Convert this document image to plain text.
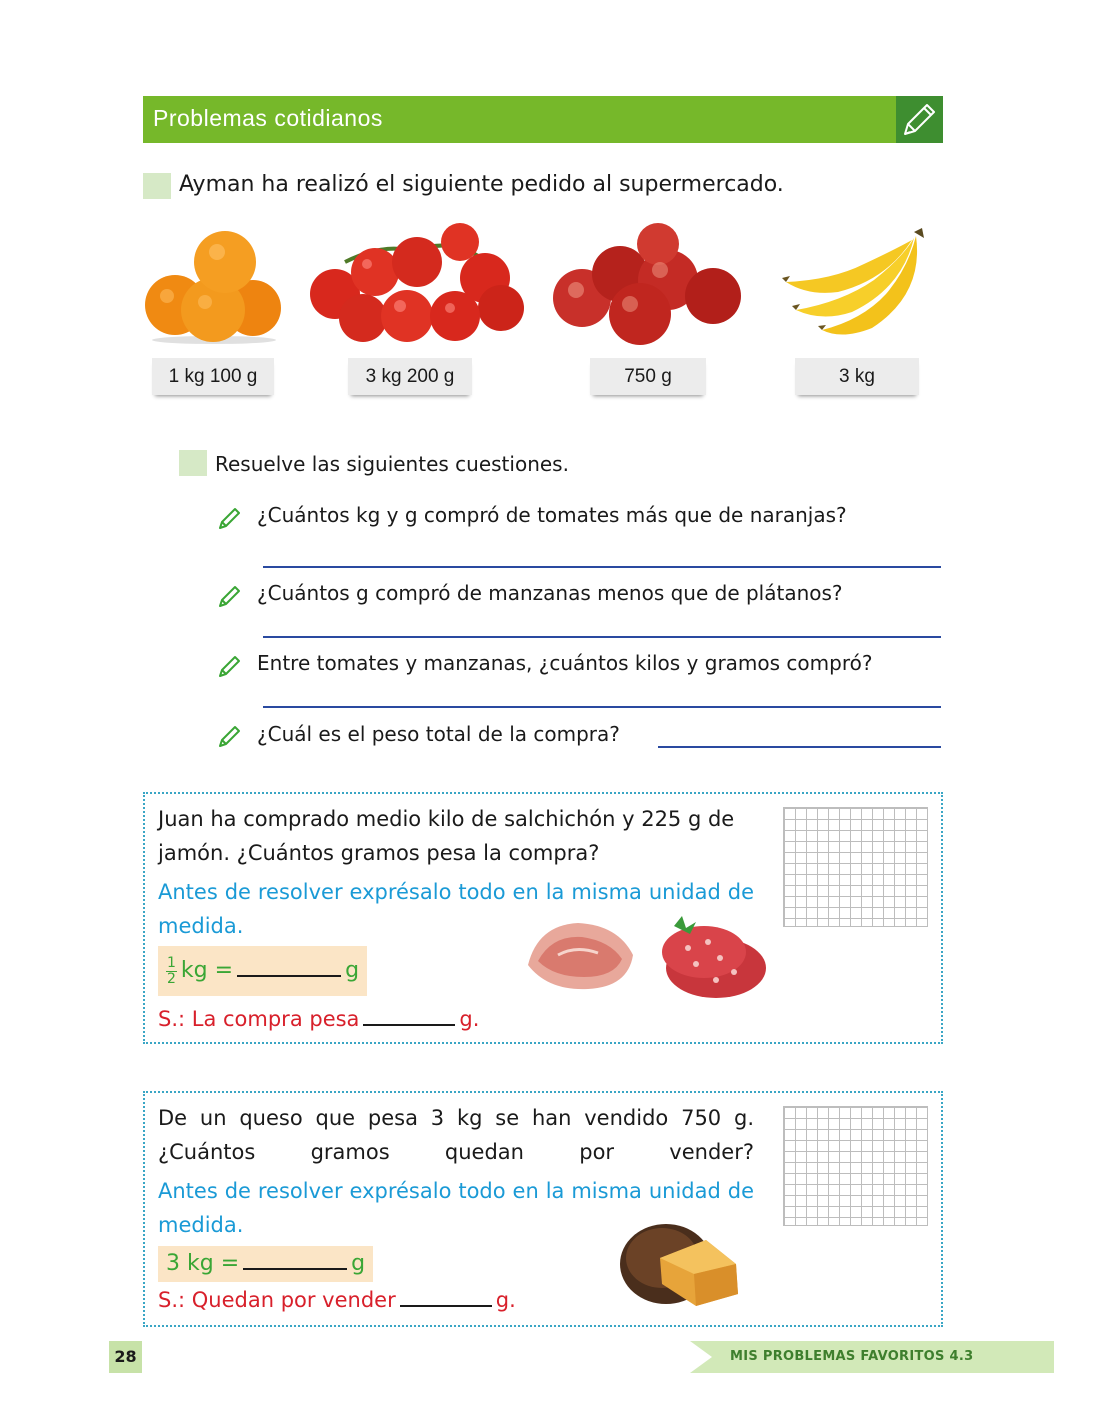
Problemas cotidianos
Ayman ha realizó el siguiente pedido al supermercado.
1 kg 100 g	3 kg 200 g	750 g	3 kg
Resuelve las siguientes cuestiones.
¿Cuántos kg y g compró de tomates más que de naranjas?
¿Cuántos g compró de manzanas menos que de plátanos?
Entre tomates y manzanas, ¿cuántos kilos y gramos compró?
¿Cuál es el peso total de la compra?
Juan ha comprado medio kilo de salchichón y 225 g de jamón. ¿Cuántos gramos pesa la compra?
Antes de resolver exprésalo todo en la misma unidad de medida.
$\frac{1}{2}$ kg =	g
S.: La compra pesa	g.
De un queso que pesa 3 kg se han vendido 750 g. ¿Cuántos gramos quedan por vender?
Antes de resolver exprésalo todo en la misma unidad de medida.
3 kg =	g
S.: Quedan por vender	g.
28	MIS PROBLEMAS FAVORITOS 4.3
